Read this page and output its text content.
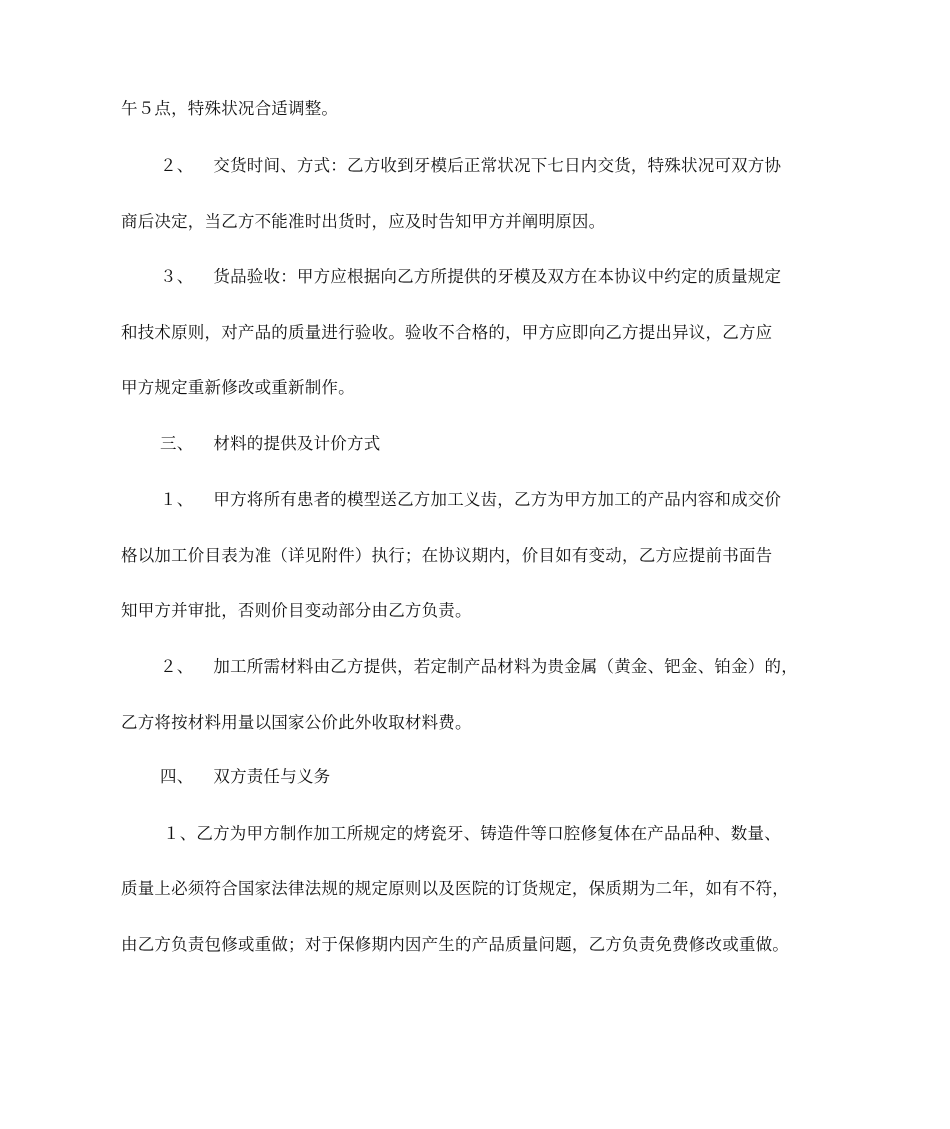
午５点，特殊状况合适调整。
２、 交货时间、方式：乙方收到牙模后正常状况下七日内交货，特殊状况可双方协
商后决定，当乙方不能准时出货时，应及时告知甲方并阐明原因。
３、 货品验收：甲方应根据向乙方所提供的牙模及双方在本协议中约定的质量规定
和技术原则，对产品的质量进行验收。验收不合格的，甲方应即向乙方提出异议，乙方应
甲方规定重新修改或重新制作。
三、 材料的提供及计价方式
１、 甲方将所有患者的模型送乙方加工义齿，乙方为甲方加工的产品内容和成交价
格以加工价目表为准（详见附件）执行；在协议期内，价目如有变动，乙方应提前书面告
知甲方并审批，否则价目变动部分由乙方负责。
２、 加工所需材料由乙方提供，若定制产品材料为贵金属（黄金、钯金、铂金）的，
乙方将按材料用量以国家公价此外收取材料费。
四、 双方责任与义务
１、乙方为甲方制作加工所规定的烤瓷牙、铸造件等口腔修复体在产品品种、数量、
质量上必须符合国家法律法规的规定原则以及医院的订货规定，保质期为二年，如有不符，
由乙方负责包修或重做；对于保修期内因产生的产品质量问题，乙方负责免费修改或重做。
